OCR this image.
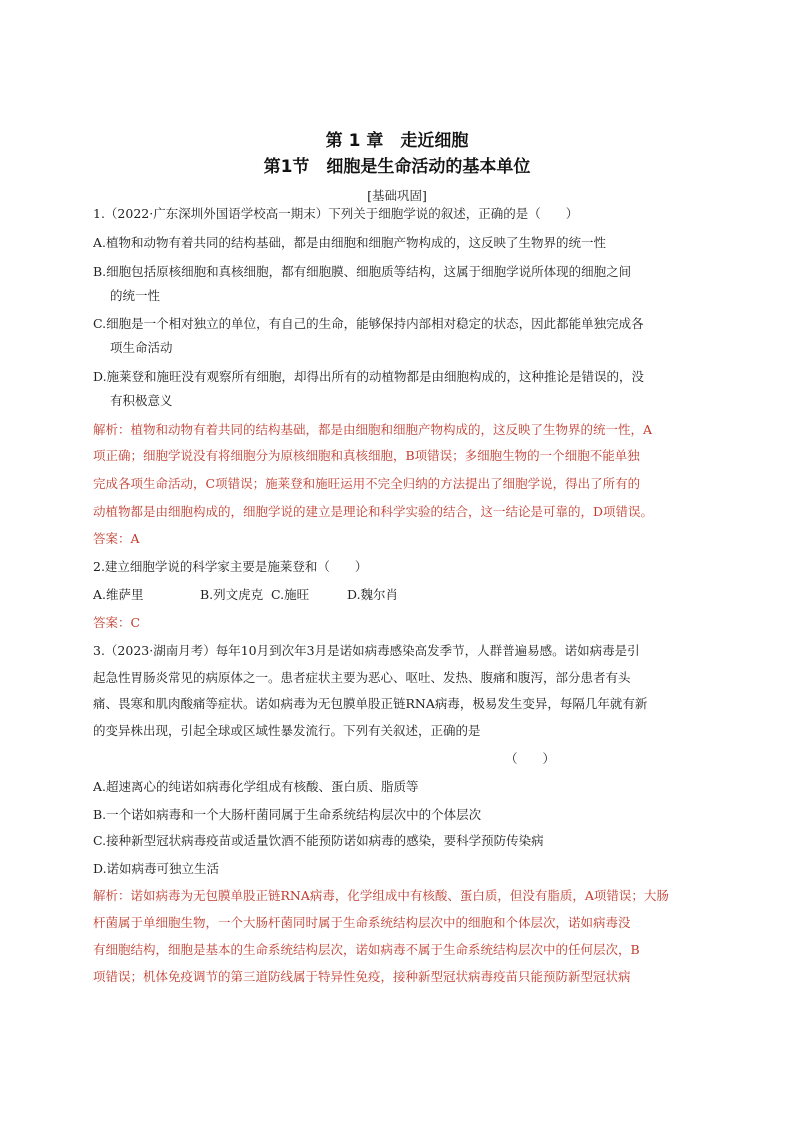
第 1 章　走近细胞
第1节　细胞是生命活动的基本单位
[基础巩固]
1.（2022·广东深圳外国语学校高一期末）下列关于细胞学说的叙述，正确的是（　　）
A.植物和动物有着共同的结构基础，都是由细胞和细胞产物构成的，这反映了生物界的统一性
B.细胞包括原核细胞和真核细胞，都有细胞膜、细胞质等结构，这属于细胞学说所体现的细胞之间
的统一性
C.细胞是一个相对独立的单位，有自己的生命，能够保持内部相对稳定的状态，因此都能单独完成各
项生命活动
D.施莱登和施旺没有观察所有细胞，却得出所有的动植物都是由细胞构成的，这种推论是错误的，没
有积极意义
解析：植物和动物有着共同的结构基础，都是由细胞和细胞产物构成的，这反映了生物界的统一性，A
项正确；细胞学说没有将细胞分为原核细胞和真核细胞，B项错误；多细胞生物的一个细胞不能单独
完成各项生命活动，C项错误；施莱登和施旺运用不完全归纳的方法提出了细胞学说，得出了所有的
动植物都是由细胞构成的，细胞学说的建立是理论和科学实验的结合，这一结论是可靠的，D项错误。
答案：A
2.建立细胞学说的科学家主要是施莱登和（　　）
A.维萨里	B.列文虎克 C.施旺	D.魏尔肖
答案：C
3.（2023·湖南月考）每年10月到次年3月是诺如病毒感染高发季节，人群普遍易感。诺如病毒是引
起急性胃肠炎常见的病原体之一。患者症状主要为恶心、呕吐、发热、腹痛和腹泻，部分患者有头
痛、畏寒和肌肉酸痛等症状。诺如病毒为无包膜单股正链RNA病毒，极易发生变异，每隔几年就有新
的变异株出现，引起全球或区域性暴发流行。下列有关叙述，正确的是
（　　）
A.超速离心的纯诺如病毒化学组成有核酸、蛋白质、脂质等
B.一个诺如病毒和一个大肠杆菌同属于生命系统结构层次中的个体层次
C.接种新型冠状病毒疫苗或适量饮酒不能预防诺如病毒的感染，要科学预防传染病
D.诺如病毒可独立生活
解析：诺如病毒为无包膜单股正链RNA病毒，化学组成中有核酸、蛋白质，但没有脂质，A项错误；大肠
杆菌属于单细胞生物，一个大肠杆菌同时属于生命系统结构层次中的细胞和个体层次，诺如病毒没
有细胞结构，细胞是基本的生命系统结构层次，诺如病毒不属于生命系统结构层次中的任何层次，B
项错误；机体免疫调节的第三道防线属于特异性免疫，接种新型冠状病毒疫苗只能预防新型冠状病
